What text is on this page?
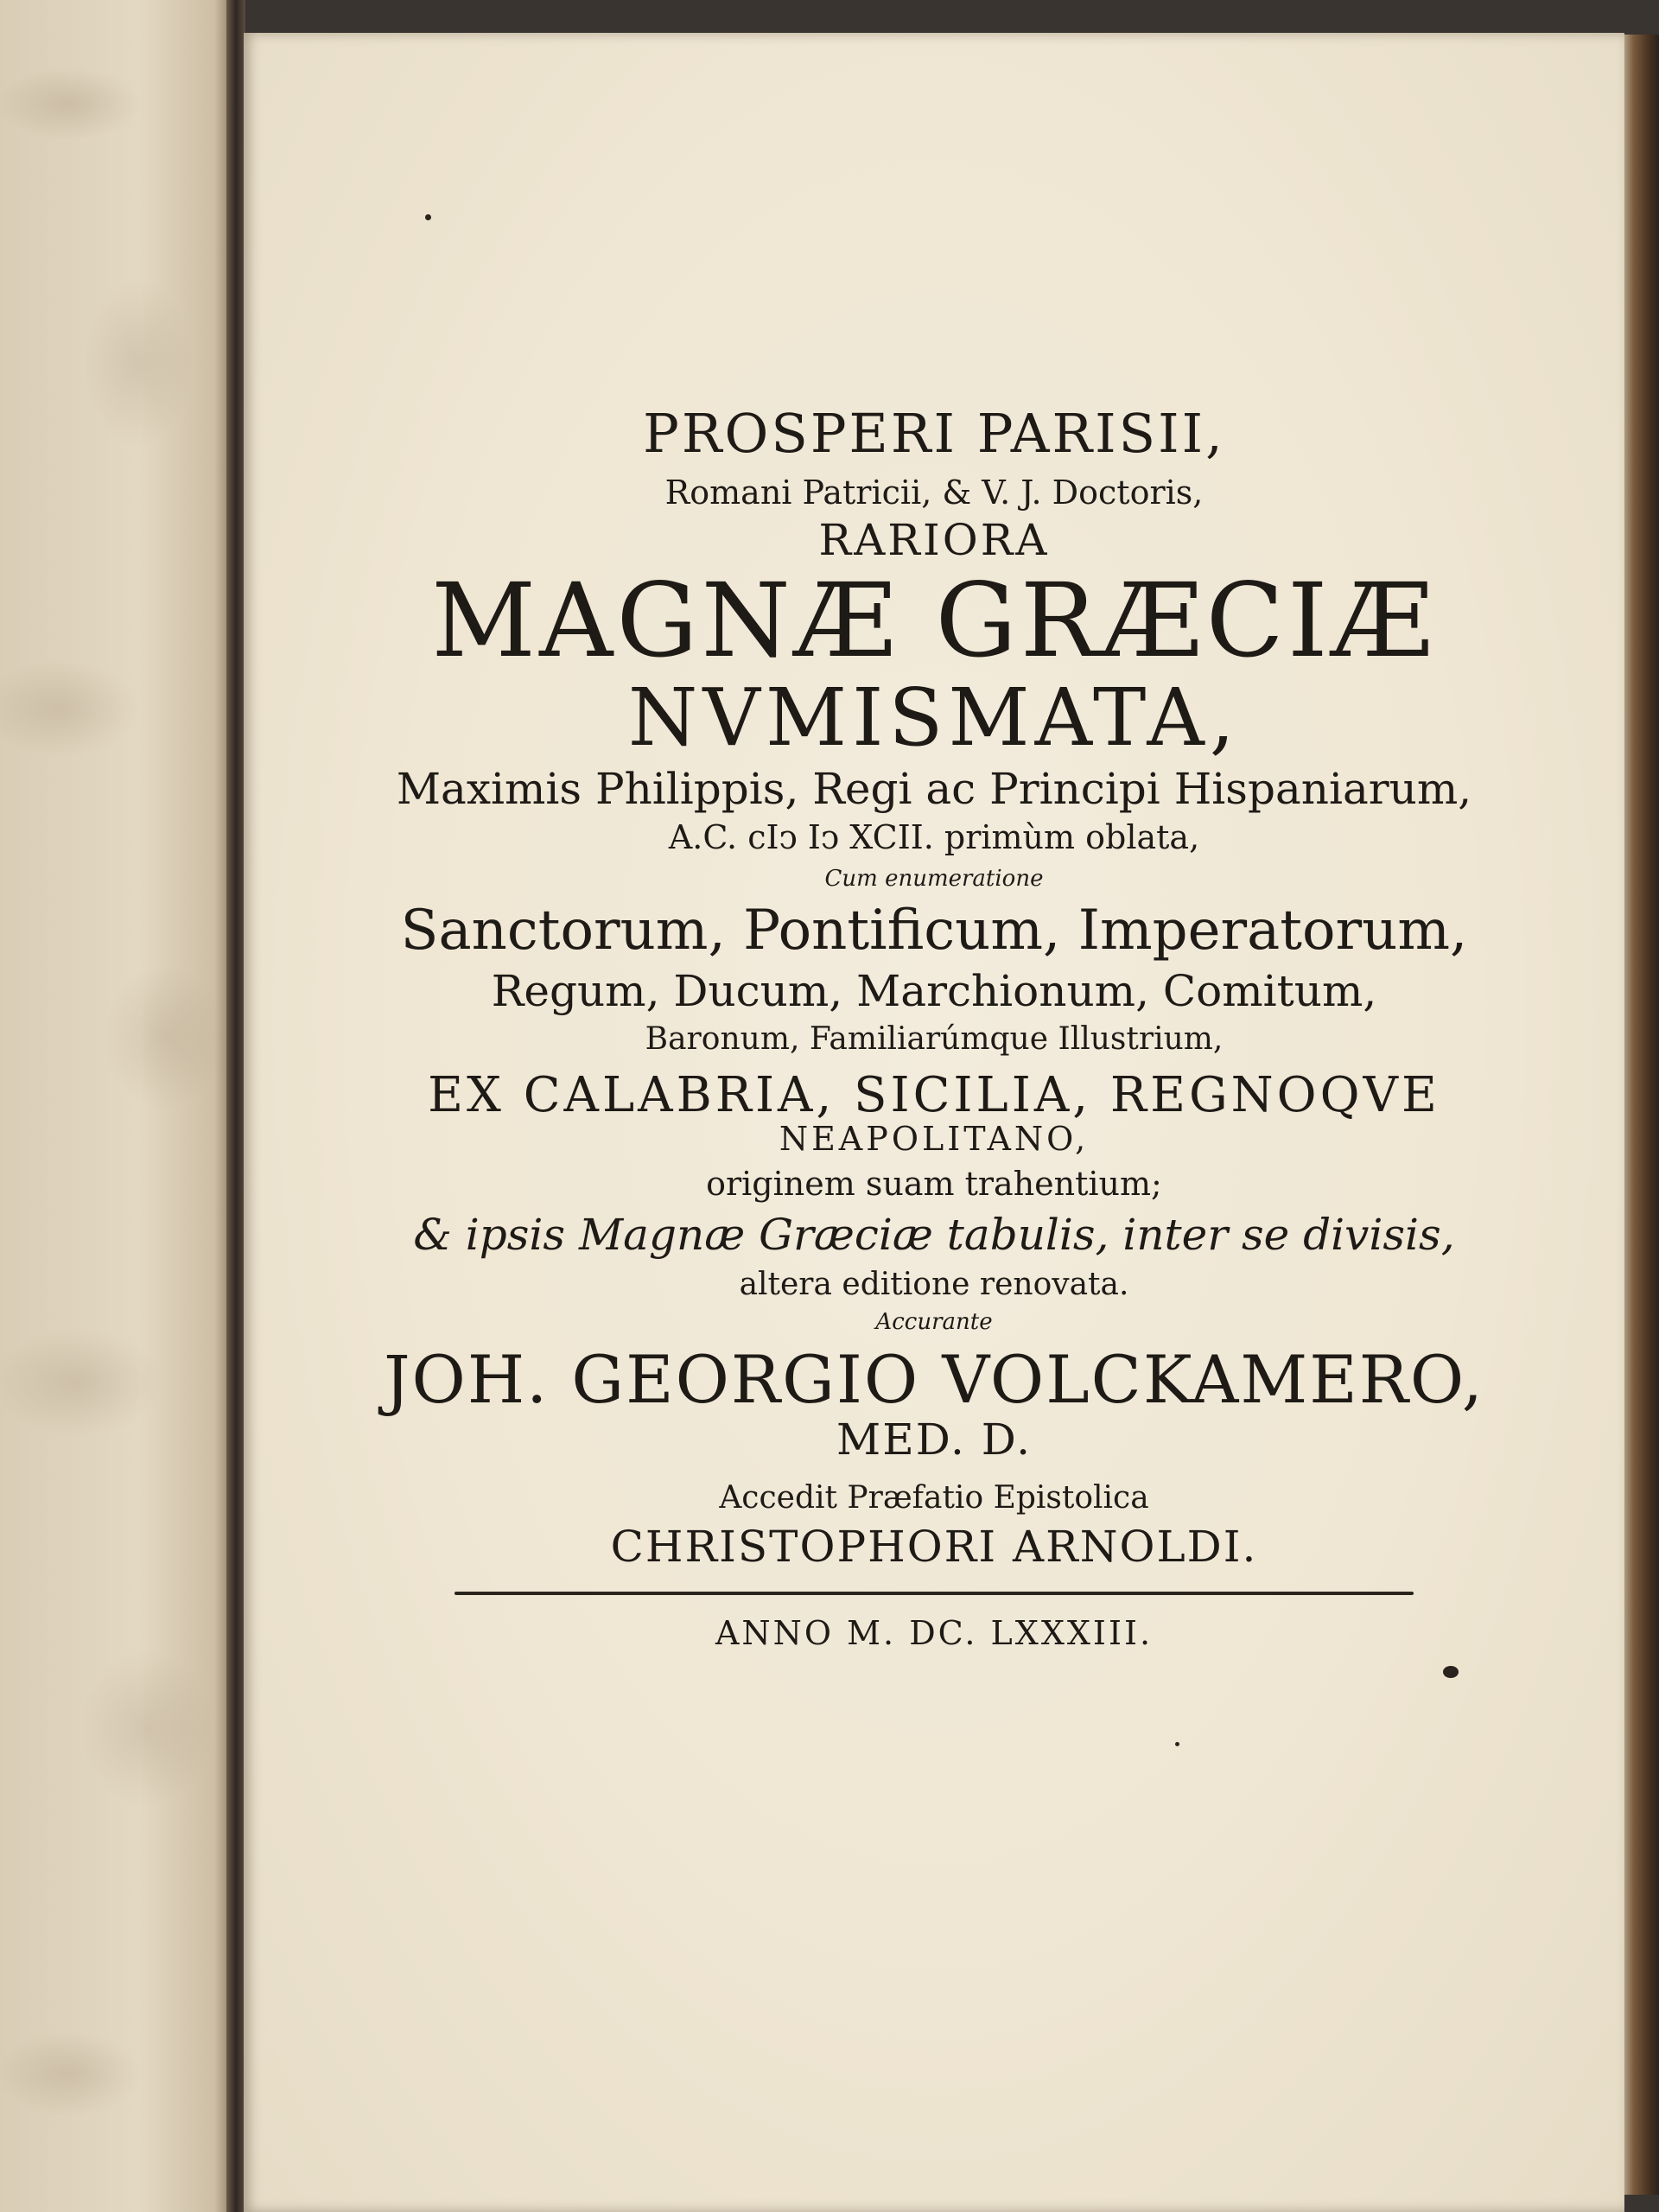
PROSPERI PARISII,
Romani Patricii, & V. J. Doctoris,
RARIORA
MAGNÆ GRÆCIÆ
NVMISMATA,
Maximis Philippis, Regi ac Principi Hispaniarum,
A.C. cIↄ Iↄ XCII. primùm oblata,
Cum enumeratione
Sanctorum, Pontificum, Imperatorum,
Regum, Ducum, Marchionum, Comitum,
Baronum, Familiarúmque Illustrium,
EX CALABRIA, SICILIA, REGNOQVE
NEAPOLITANO,
originem suam trahentium;
& ipsis Magnæ Græciæ tabulis, inter se divisis,
altera editione renovata.
Accurante
JOH. GEORGIO VOLCKAMERO,
MED. D.
Accedit Præfatio Epistolica
CHRISTOPHORI ARNOLDI.
ANNO M. DC. LXXXIII.
